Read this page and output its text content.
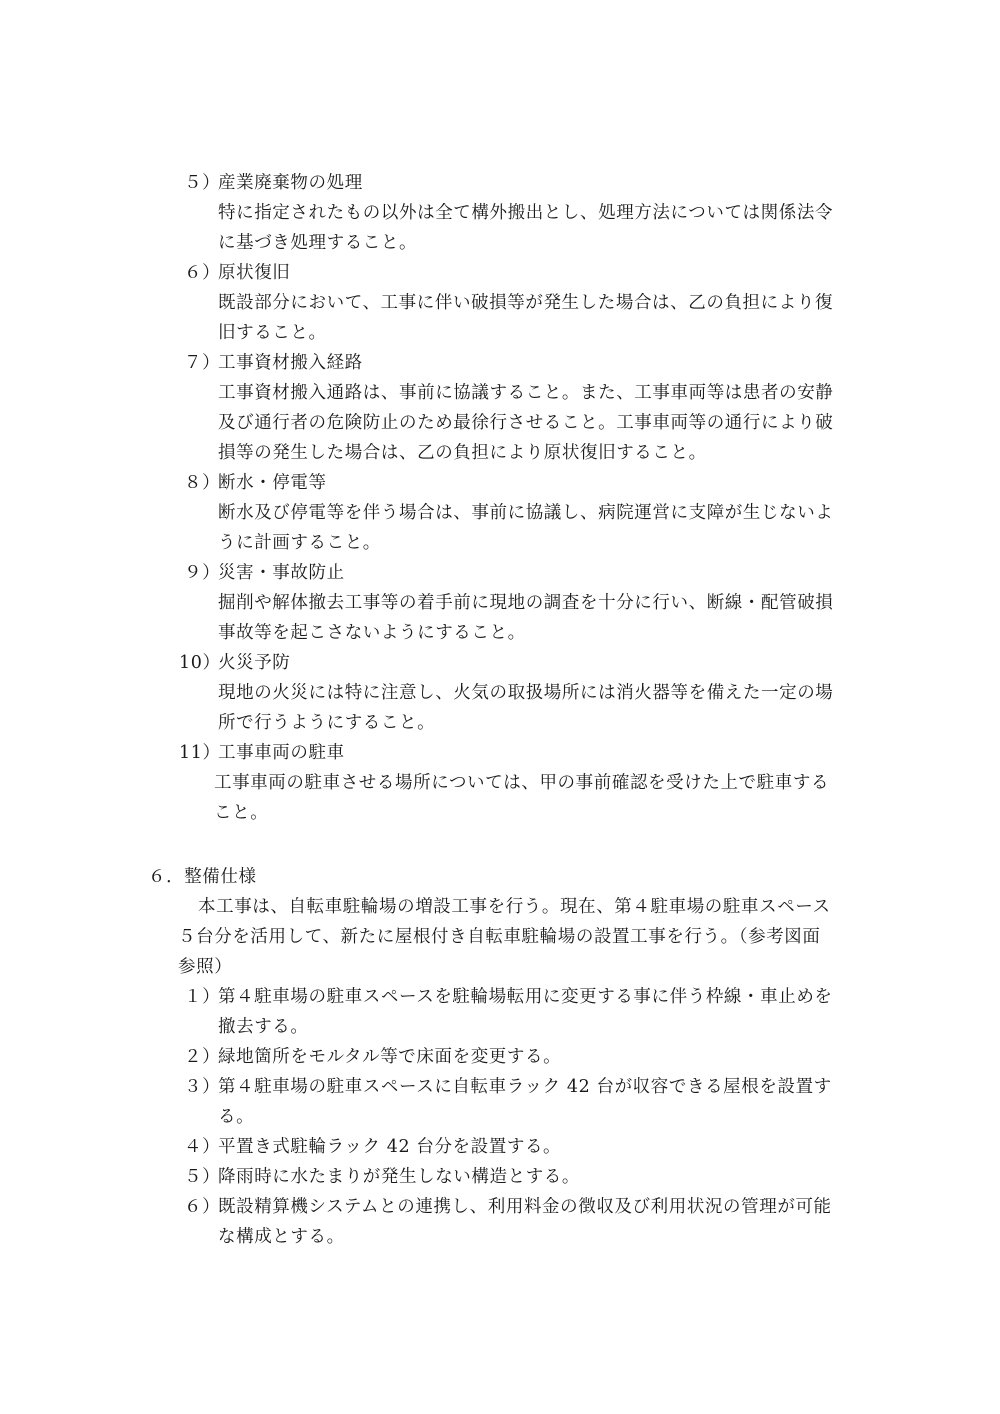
５）
産業廃棄物の処理
特に指定されたもの以外は全て構外搬出とし、処理方法については関係法令
に基づき処理すること。
６）
原状復旧
既設部分において、工事に伴い破損等が発生した場合は、乙の負担により復
旧すること。
７）
工事資材搬入経路
工事資材搬入通路は、事前に協議すること。また、工事車両等は患者の安静
及び通行者の危険防止のため最徐行させること。工事車両等の通行により破
損等の発生した場合は、乙の負担により原状復旧すること。
８）
断水・停電等
断水及び停電等を伴う場合は、事前に協議し、病院運営に支障が生じないよ
うに計画すること。
９）
災害・事故防止
掘削や解体撤去工事等の着手前に現地の調査を十分に行い、断線・配管破損
事故等を起こさないようにすること。
10）
火災予防
現地の火災には特に注意し、火気の取扱場所には消火器等を備えた一定の場
所で行うようにすること。
11）
工事車両の駐車
工事車両の駐車させる場所については、甲の事前確認を受けた上で駐車する
こと。
６．整備仕様
本工事は、自転車駐輪場の増設工事を行う。現在、第４駐車場の駐車スペース
５台分を活用して、新たに屋根付き自転車駐輪場の設置工事を行う。（参考図面
参照）
１）
第４駐車場の駐車スペースを駐輪場転用に変更する事に伴う枠線・車止めを
撤去する。
２）
緑地箇所をモルタル等で床面を変更する。
３）
第４駐車場の駐車スペースに自転車ラック 42 台が収容できる屋根を設置す
る。
４）
平置き式駐輪ラック 42 台分を設置する。
５）
降雨時に水たまりが発生しない構造とする。
６）
既設精算機システムとの連携し、利用料金の徴収及び利用状況の管理が可能
な構成とする。
